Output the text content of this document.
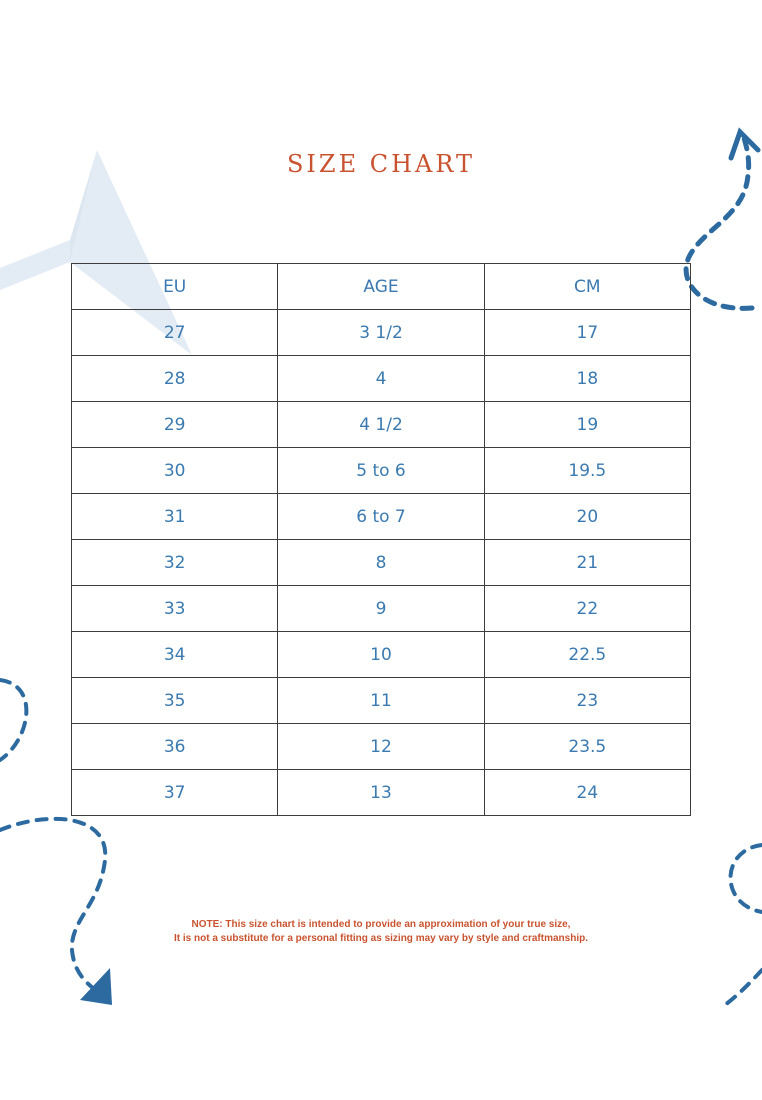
SIZE CHART
EU	AGE	CM
27	3 1/2	17
28	4	18
29	4 1/2	19
30	5 to 6	19.5
31	6 to 7	20
32	8	21
33	9	22
34	10	22.5
35	11	23
36	12	23.5
37	13	24
NOTE: This size chart is intended to provide an approximation of your true size,
It is not a substitute for a personal fitting as sizing may vary by style and craftmanship.
